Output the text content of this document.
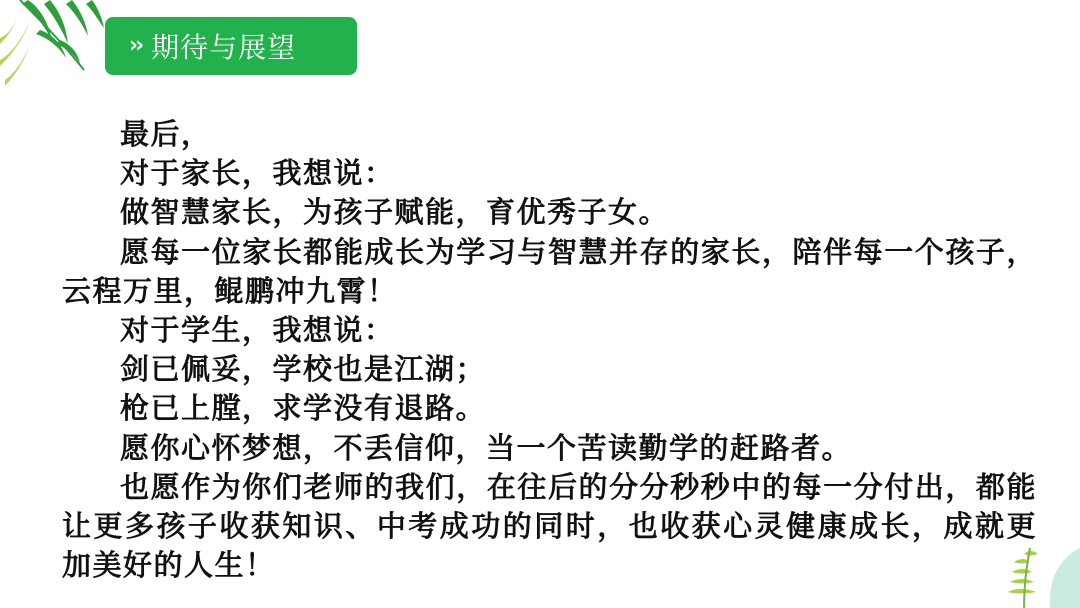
›› 期待与展望

最后，

对于家长，我想说：

做智慧家长，为孩子赋能，育优秀子女。

愿每一位家长都能成长为学习与智慧并存的家长，陪伴每一个孩子，云程万里，鲲鹏冲九霄！

对于学生，我想说：

剑已佩妥，学校也是江湖；

枪已上膛，求学没有退路。

愿你心怀梦想，不丢信仰，当一个苦读勤学的赶路者。

也愿作为你们老师的我们，在往后的分分秒秒中的每一分付出，都能让更多孩子收获知识、中考成功的同时，也收获心灵健康成长，成就更加美好的人生！
